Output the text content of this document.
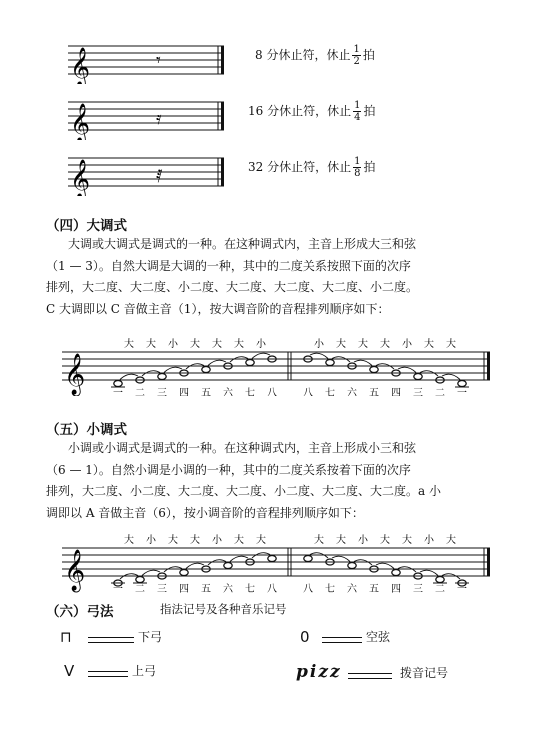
𝄞	𝄾	8 分休止符，休止 $\frac{1}{2}$ 拍
𝄞	𝄿	16 分休止符，休止 $\frac{1}{4}$ 拍
𝄞	𝅀	32 分休止符，休止 $\frac{1}{8}$ 拍
（四）大调式
大调或大调式是调式的一种。在这种调式内，主音上形成大三和弦
（1 — 3）。自然大调是大调的一种，其中的二度关系按照下面的次序
排列，大二度、大二度、小二度、大二度、大二度、大二度、小二度。
C 大调即以 C 音做主音（1），按大调音阶的音程排列顺序如下：
𝄞	一 二 三 四 五 六 七 八
大 大 小 大 大 大 小
八 七 六 五 四 三 二 一
小 大 大 大 小 大 大
（五）小调式
小调或小调式是调式的一种。在这种调式内，主音上形成小三和弦
（6 — 1）。自然小调是小调的一种，其中的二度关系按着下面的次序
排列，大二度、小二度、大二度、大二度、小二度、大二度、大二度。a 小
调即以 A 音做主音（6），按小调音阶的音程排列顺序如下：
𝄞	一 二 三 四 五 六 七 八
大 小 大 大 小 大 大
八 七 六 五 四 三 二 一
大 大 小 大 大 小 大
（六）弓法	指法记号及各种音乐记号
⊓	下弓
V	上弓
0	空弦
pizz	拨音记号
